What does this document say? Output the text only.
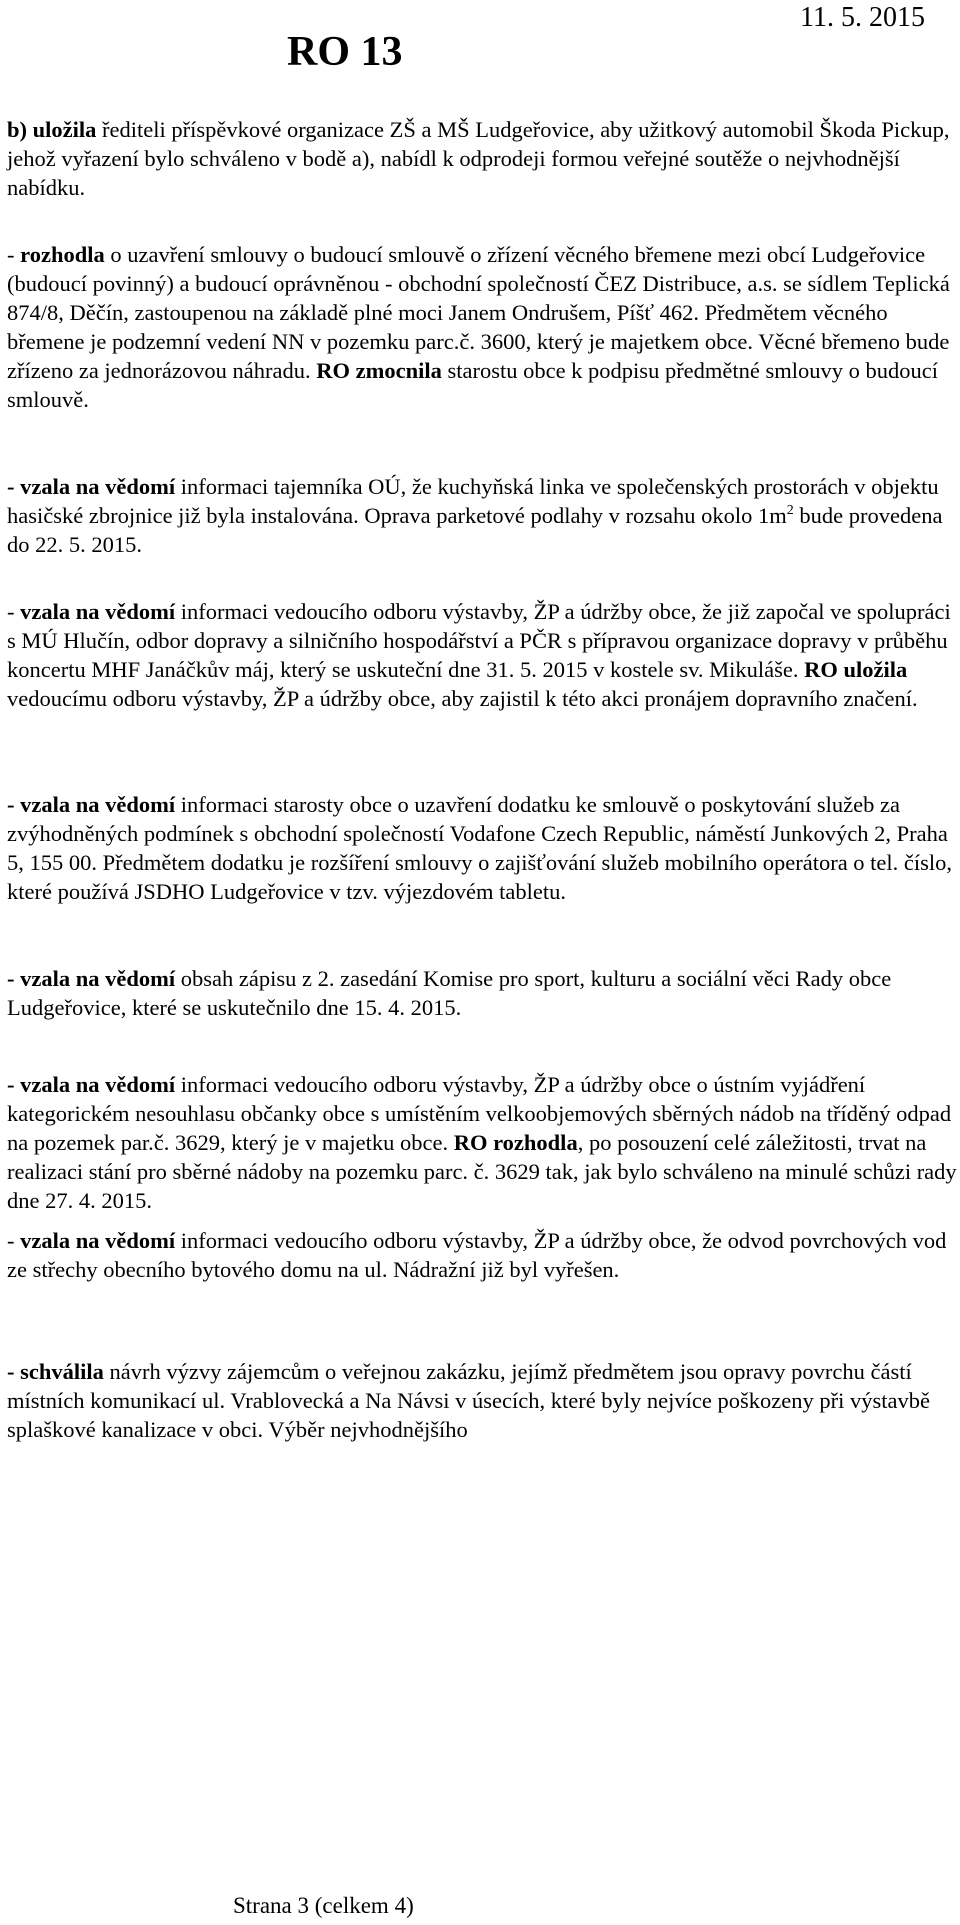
11. 5. 2015
RO 13

b) uložila řediteli příspěvkové organizace ZŠ a MŠ Ludgeřovice, aby užitkový automobil Škoda Pickup, jehož vyřazení bylo schváleno v bodě a), nabídl k odprodeji formou veřejné soutěže o nejvhodnější nabídku.

- rozhodla o uzavření smlouvy o budoucí smlouvě o zřízení věcného břemene mezi obcí Ludgeřovice (budoucí povinný) a budoucí oprávněnou - obchodní společností ČEZ Distribuce, a.s. se sídlem Teplická 874/8, Děčín, zastoupenou na základě plné moci Janem Ondrušem, Píšť 462. Předmětem věcného břemene je podzemní vedení NN v pozemku parc.č. 3600, který je majetkem obce. Věcné břemeno bude zřízeno za jednorázovou náhradu. RO zmocnila starostu obce k podpisu předmětné smlouvy o budoucí smlouvě.

- vzala na vědomí informaci tajemníka OÚ, že kuchyňská linka ve společenských prostorách v objektu hasičské zbrojnice již byla instalována. Oprava parketové podlahy v rozsahu okolo $1m^2$ bude provedena do 22. 5. 2015.

- vzala na vědomí informaci vedoucího odboru výstavby, ŽP a údržby obce, že již započal ve spolupráci s MÚ Hlučín, odbor dopravy a silničního hospodářství a PČR s přípravou organizace dopravy v průběhu koncertu MHF Janáčkův máj, který se uskuteční dne 31. 5. 2015 v kostele sv. Mikuláše. RO uložila vedoucímu odboru výstavby, ŽP a údržby obce, aby zajistil k této akci pronájem dopravního značení.

- vzala na vědomí informaci starosty obce o uzavření dodatku ke smlouvě o poskytování služeb za zvýhodněných podmínek s obchodní společností Vodafone Czech Republic, náměstí Junkových 2, Praha 5, 155 00. Předmětem dodatku je rozšíření smlouvy o zajišťování služeb mobilního operátora o tel. číslo, které používá JSDHO Ludgeřovice v tzv. výjezdovém tabletu.

- vzala na vědomí obsah zápisu z 2. zasedání Komise pro sport, kulturu a sociální věci Rady obce Ludgeřovice, které se uskutečnilo dne 15. 4. 2015.

- vzala na vědomí informaci vedoucího odboru výstavby, ŽP a údržby obce o ústním vyjádření kategorickém nesouhlasu občanky obce s umístěním velkoobjemových sběrných nádob na tříděný odpad na pozemek par.č. 3629, který je v majetku obce. RO rozhodla, po posouzení celé záležitosti, trvat na realizaci stání pro sběrné nádoby na pozemku parc. č. 3629 tak, jak bylo schváleno na minulé schůzi rady dne 27. 4. 2015.

- vzala na vědomí informaci vedoucího odboru výstavby, ŽP a údržby obce, že odvod povrchových vod ze střechy obecního bytového domu na ul. Nádražní již byl vyřešen.

- schválila návrh výzvy zájemcům o veřejnou zakázku, jejímž předmětem jsou opravy povrchu částí místních komunikací ul. Vrablovecká a Na Návsi v úsecích, které byly nejvíce poškozeny při výstavbě splaškové kanalizace v obci. Výběr nejvhodnějšího

Strana 3 (celkem 4)
